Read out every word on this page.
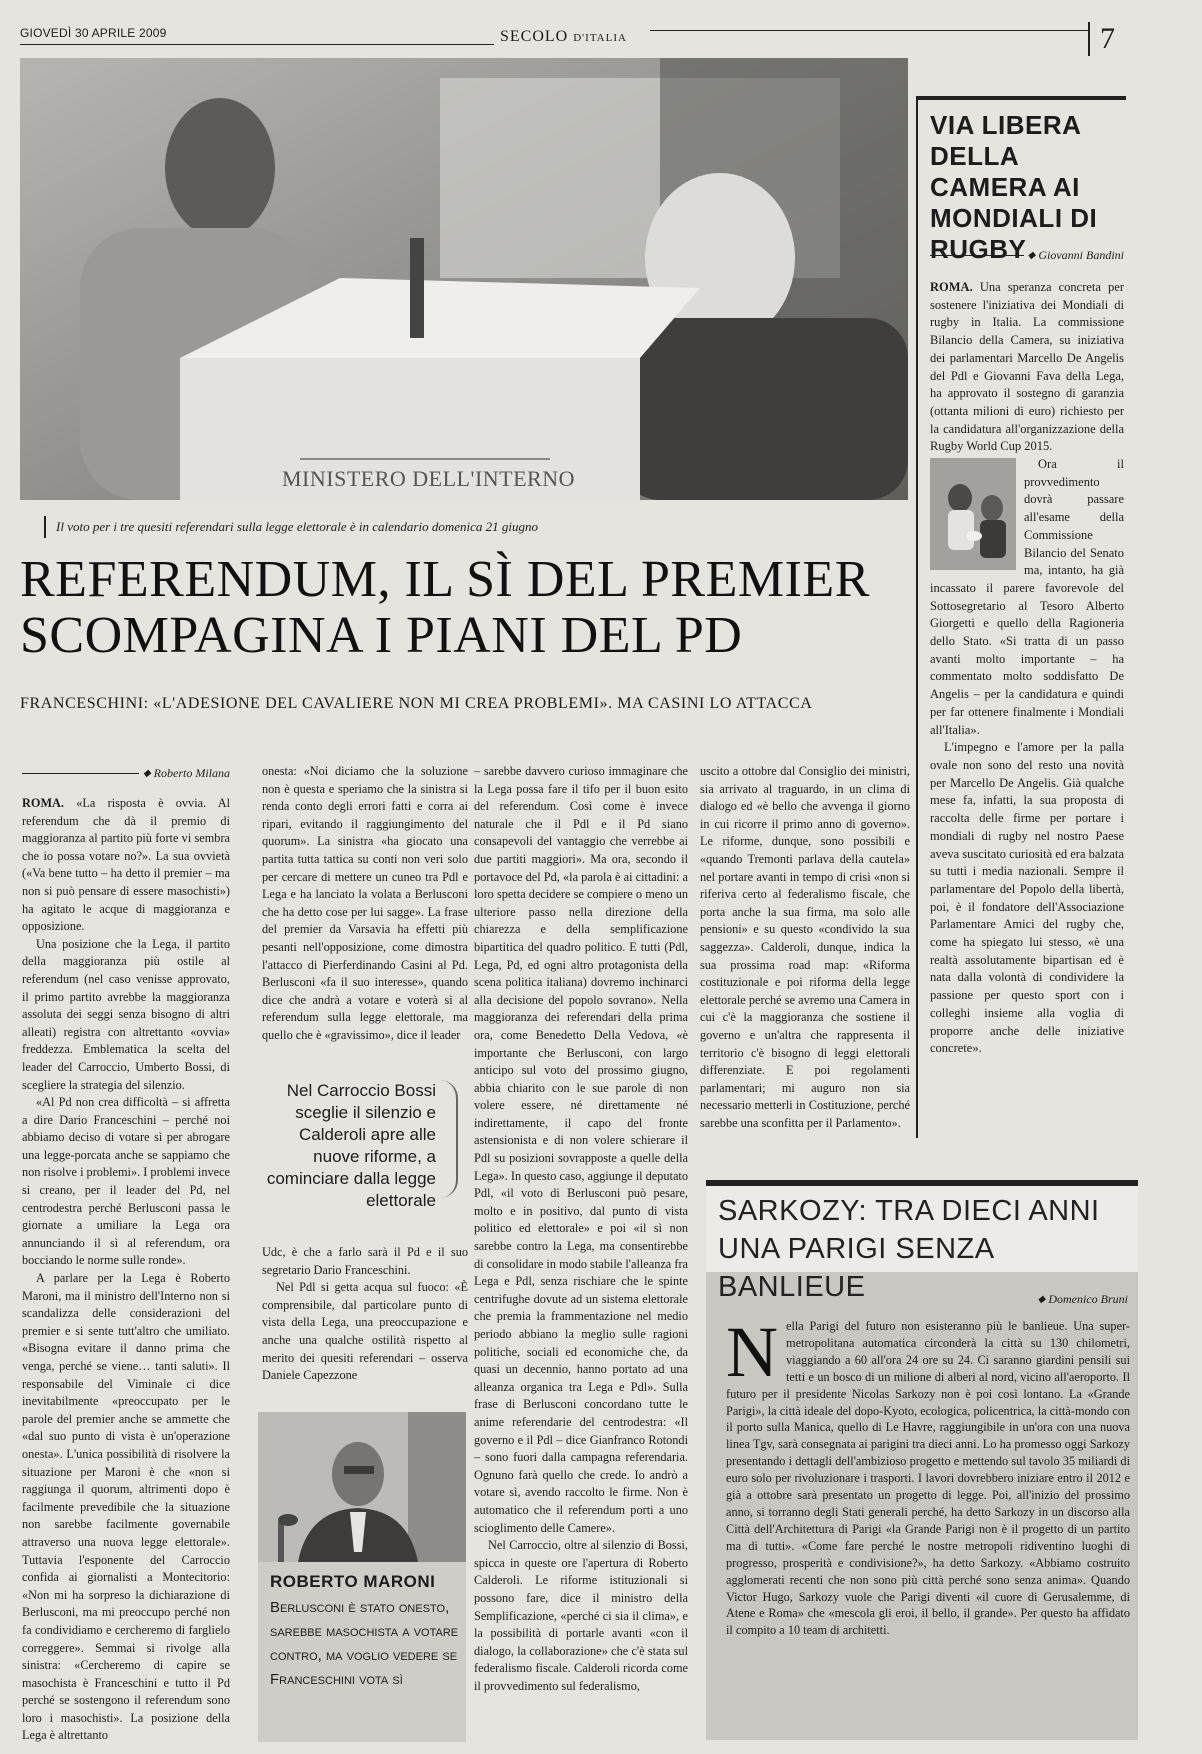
GIOVEDÌ 30 APRILE 2009	SECOLO D'ITALIA	7
MINISTERO DELL'INTERNO
Il voto per i tre quesiti referendari sulla legge elettorale è in calendario domenica 21 giugno
REFERENDUM, IL SÌ DEL PREMIER
SCOMPAGINA I PIANI DEL PD
FRANCESCHINI: «L'ADESIONE DEL CAVALIERE NON MI CREA PROBLEMI». MA CASINI LO ATTACCA
◆ Roberto Milana

ROMA. «La risposta è ovvia. Al referendum che dà il premio di maggioranza al partito più forte vi sembra che io possa votare no?». La sua ovvietà («Va bene tutto – ha detto il premier – ma non si può pensare di essere masochisti») ha agitato le acque di maggioranza e opposizione.

Una posizione che la Lega, il partito della maggioranza più ostile al referendum (nel caso venisse approvato, il primo partito avrebbe la maggioranza assoluta dei seggi senza bisogno di altri alleati) registra con altrettanto «ovvia» freddezza. Emblematica la scelta del leader del Carroccio, Umberto Bossi, di scegliere la strategia del silenzio.

«Al Pd non crea difficoltà – si affretta a dire Dario Franceschini – perché noi abbiamo deciso di votare sì per abrogare una legge-porcata anche se sappiamo che non risolve i problemi». I problemi invece si creano, per il leader del Pd, nel centrodestra perché Berlusconi passa le giornate a umiliare la Lega ora annunciando il sì al referendum, ora bocciando le norme sulle ronde».

A parlare per la Lega è Roberto Maroni, ma il ministro dell'Interno non si scandalizza delle considerazioni del premier e si sente tutt'altro che umiliato. «Bisogna evitare il danno prima che venga, perché se viene… tanti saluti». Il responsabile del Viminale ci dice inevitabilmente «preoccupato per le parole del premier anche se ammette che «dal suo punto di vista è un'operazione onesta». L'unica possibilità di risolvere la situazione per Maroni è che «non si raggiunga il quorum, altrimenti dopo è facilmente prevedibile che la situazione non sarebbe facilmente governabile attraverso una nuova legge elettorale». Tuttavia l'esponente del Carroccio confida ai giornalisti a Montecitorio: «Non mi ha sorpreso la dichiarazione di Berlusconi, ma mi preoccupo perché non fa condividiamo e cercheremo di farglielo correggere». Semmai si rivolge alla sinistra: «Cercheremo di capire se masochista è Franceschini e tutto il Pd perché se sostengono il referendum sono loro i masochisti». La posizione della Lega è altrettanto

onesta: «Noi diciamo che la soluzione non è questa e speriamo che la sinistra si renda conto degli errori fatti e corra ai ripari, evitando il raggiungimento del quorum». La sinistra «ha giocato una partita tutta tattica su conti non veri solo per cercare di mettere un cuneo tra Pdl e Lega e ha lanciato la volata a Berlusconi che ha detto cose per lui sagge». La frase del premier da Varsavia ha effetti più pesanti nell'opposizione, come dimostra l'attacco di Pierferdinando Casini al Pd. Berlusconi «fa il suo interesse», quando dice che andrà a votare e voterà sì al referendum sulla legge elettorale, ma quello che è «gravissimo», dice il leader

Nel Carroccio Bossi sceglie il silenzio e Calderoli apre alle nuove riforme, a cominciare dalla legge elettorale

Udc, è che a farlo sarà il Pd e il suo segretario Dario Franceschini.

Nel Pdl si getta acqua sul fuoco: «È comprensibile, dal particolare punto di vista della Lega, una preoccupazione e anche una qualche ostilità rispetto al merito dei quesiti referendari – osserva Daniele Capezzone

ROBERTO MARONI
Berlusconi è stato onesto, sarebbe masochista a votare contro, ma voglio vedere se Franceschini vota sì

– sarebbe davvero curioso immaginare che la Lega possa fare il tifo per il buon esito del referendum. Così come è invece naturale che il Pdl e il Pd siano consapevoli del vantaggio che verrebbe ai due partiti maggiori». Ma ora, secondo il portavoce del Pd, «la parola è ai cittadini: a loro spetta decidere se compiere o meno un ulteriore passo nella direzione della chiarezza e della semplificazione bipartitica del quadro politico. E tutti (Pdl, Lega, Pd, ed ogni altro protagonista della scena politica italiana) dovremo inchinarci alla decisione del popolo sovrano». Nella maggioranza dei referendari della prima ora, come Benedetto Della Vedova, «è importante che Berlusconi, con largo anticipo sul voto del prossimo giugno, abbia chiarito con le sue parole di non volere essere, né direttamente né indirettamente, il capo del fronte astensionista e di non volere schierare il Pdl su posizioni sovrapposte a quelle della Lega». In questo caso, aggiunge il deputato Pdl, «il voto di Berlusconi può pesare, molto e in positivo, dal punto di vista politico ed elettorale» e poi «il sì non sarebbe contro la Lega, ma consentirebbe di consolidare in modo stabile l'alleanza fra Lega e Pdl, senza rischiare che le spinte centrifughe dovute ad un sistema elettorale che premia la frammentazione nel medio periodo abbiano la meglio sulle ragioni politiche, sociali ed economiche che, da quasi un decennio, hanno portato ad una alleanza organica tra Lega e Pdl». Sulla frase di Berlusconi concordano tutte le anime referendarie del centrodestra: «Il governo e il Pdl – dice Gianfranco Rotondi – sono fuori dalla campagna referendaria. Ognuno farà quello che crede. Io andrò a votare sì, avendo raccolto le firme. Non è automatico che il referendum porti a uno scioglimento delle Camere».

Nel Carroccio, oltre al silenzio di Bossi, spicca in queste ore l'apertura di Roberto Calderoli. Le riforme istituzionali si possono fare, dice il ministro della Semplificazione, «perché ci sia il clima», e la possibilità di portarle avanti «con il dialogo, la collaborazione» che c'è stata sul federalismo fiscale. Calderoli ricorda come il provvedimento sul federalismo,

uscito a ottobre dal Consiglio dei ministri, sia arrivato al traguardo, in un clima di dialogo ed «è bello che avvenga il giorno in cui ricorre il primo anno di governo». Le riforme, dunque, sono possibili e «quando Tremonti parlava della cautela» nel portare avanti in tempo di crisi «non si riferiva certo al federalismo fiscale, che porta anche la sua firma, ma solo alle pensioni» e su questo «condivido la sua saggezza». Calderoli, dunque, indica la sua prossima road map: «Riforma costituzionale e poi riforma della legge elettorale perché se avremo una Camera in cui c'è la maggioranza che sostiene il governo e un'altra che rappresenta il territorio c'è bisogno di leggi elettorali differenziate. E poi regolamenti parlamentari; mi auguro non sia necessario metterli in Costituzione, perché sarebbe una sconfitta per il Parlamento».

VIA LIBERA DELLA CAMERA AI MONDIALI DI RUGBY ◆ Giovanni Bandini

ROMA. Una speranza concreta per sostenere l'iniziativa dei Mondiali di rugby in Italia. La commissione Bilancio della Camera, su iniziativa dei parlamentari Marcello De Angelis del Pdl e Giovanni Fava della Lega, ha approvato il sostegno di garanzia (ottanta milioni di euro) richiesto per la candidatura all'organizzazione della Rugby World Cup 2015.

Ora il provvedimento dovrà passare all'esame della Commissione Bilancio del Senato ma, intanto, ha già incassato il parere favorevole del Sottosegretario al Tesoro Alberto Giorgetti e quello della Ragioneria dello Stato. «Si tratta di un passo avanti molto importante – ha commentato molto soddisfatto De Angelis – per la candidatura e quindi per far ottenere finalmente i Mondiali all'Italia».

L'impegno e l'amore per la palla ovale non sono del resto una novità per Marcello De Angelis. Già qualche mese fa, infatti, la sua proposta di raccolta delle firme per portare i mondiali di rugby nel nostro Paese aveva suscitato curiosità ed era balzata su tutti i media nazionali. Sempre il parlamentare del Popolo della libertà, poi, è il fondatore dell'Associazione Parlamentare Amici del rugby che, come ha spiegato lui stesso, «è una realtà assolutamente bipartisan ed è nata dalla volontà di condividere la passione per questo sport con i colleghi insieme alla voglia di proporre anche delle iniziative concrete».

SARKOZY: TRA DIECI ANNI
UNA PARIGI SENZA BANLIEUE	◆ Domenico Bruni
N ella Parigi del futuro non esisteranno più le banlieue. Una super-metropolitana automatica circonderà la città su 130 chilometri, viaggiando a 60 all'ora 24 ore su 24. Ci saranno giardini pensili sui tetti e un bosco di un milione di alberi al nord, vicino all'aeroporto. Il futuro per il presidente Nicolas Sarkozy non è poi così lontano. La «Grande Parigi», la città ideale del dopo-Kyoto, ecologica, policentrica, la città-mondo con il porto sulla Manica, quello di Le Havre, raggiungibile in un'ora con una nuova linea Tgv, sarà consegnata ai parigini tra dieci anni. Lo ha promesso oggi Sarkozy presentando i dettagli dell'ambizioso progetto e mettendo sul tavolo 35 miliardi di euro solo per rivoluzionare i trasporti. I lavori dovrebbero iniziare entro il 2012 e già a ottobre sarà presentato un progetto di legge. Poi, all'inizio del prossimo anno, si torranno degli Stati generali perché, ha detto Sarkozy in un discorso alla Città dell'Architettura di Parigi «la Grande Parigi non è il progetto di un partito ma di tutti». «Come fare perché le nostre metropoli ridiventino luoghi di progresso, prosperità e condivisione?», ha detto Sarkozy. «Abbiamo costruito agglomerati recenti che non sono più città perché sono senza anima». Quando Victor Hugo, Sarkozy vuole che Parigi diventi «il cuore di Gerusalemme, di Atene e Roma» che «mescola gli eroi, il bello, il grande». Per questo ha affidato il compito a 10 team di architetti.
